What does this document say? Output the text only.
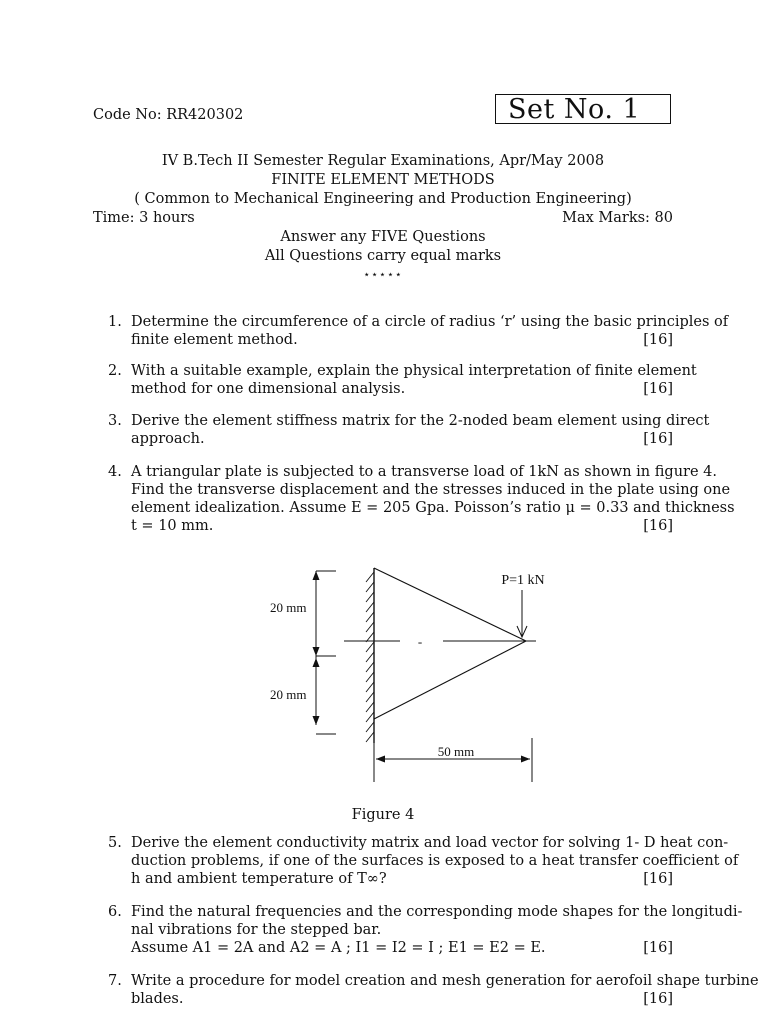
Code No: RR420302	Set No. 1
IV B.Tech II Semester Regular Examinations, Apr/May 2008
FINITE ELEMENT METHODS
( Common to Mechanical Engineering and Production Engineering)
Time: 3 hours	Max Marks: 80
Answer any FIVE Questions
All Questions carry equal marks
⋆⋆⋆⋆⋆
1. Determine the circumference of a circle of radius ‘r’ using the basic principles of
finite element method.	[16]
2. With a suitable example, explain the physical interpretation of finite element
method for one dimensional analysis.	[16]
3. Derive the element stiffness matrix for the 2-noded beam element using direct
approach.	[16]
4. A triangular plate is subjected to a transverse load of 1kN as shown in figure 4.
Find the transverse displacement and the stresses induced in the plate using one
element idealization. Assume E = 205 Gpa. Poisson’s ratio μ = 0.33 and thickness
t = 10 mm.	[16]
P=1 kN
20 mm
20 mm
50 mm
-
Figure 4
5. Derive the element conductivity matrix and load vector for solving 1- D heat con-
duction problems, if one of the surfaces is exposed to a heat transfer coefficient of
h and ambient temperature of T∞?	[16]
6. Find the natural frequencies and the corresponding mode shapes for the longitudi-
nal vibrations for the stepped bar.
Assume A1 = 2A and A2 = A ; I1 = I2 = I ; E1 = E2 = E.	[16]
7. Write a procedure for model creation and mesh generation for aerofoil shape turbine
blades.	[16]
